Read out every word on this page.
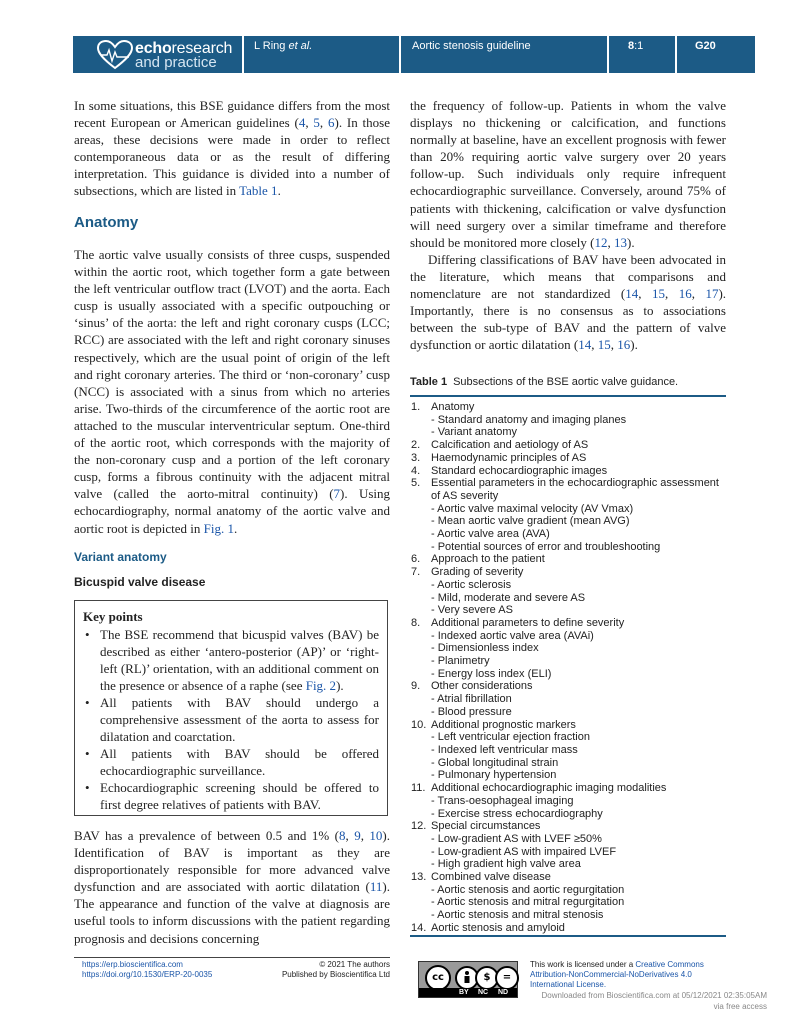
echoresearch
and practice
L Ring et al.	Aortic stenosis guideline	8:1	G20

In some situations, this BSE guidance differs from the most recent European or American guidelines (4, 5, 6). In those areas, these decisions were made in order to reflect contemporaneous data or as the result of differing interpretation. This guidance is divided into a number of subsections, which are listed in Table 1.

Anatomy

The aortic valve usually consists of three cusps, suspended within the aortic root, which together form a gate between the left ventricular outflow tract (LVOT) and the aorta. Each cusp is usually associated with a specific outpouching or ‘sinus’ of the aorta: the left and right coronary cusps (LCC; RCC) are associated with the left and right coronary sinuses respectively, which are the usual point of origin of the left and right coronary arteries. The third or ‘non-coronary’ cusp (NCC) is associated with a sinus from which no arteries arise. Two-thirds of the circumference of the aortic root are attached to the muscular interventricular septum. One-third of the aortic root, which corresponds with the majority of the non-coronary cusp and a portion of the left coronary cusp, forms a fibrous continuity with the adjacent mitral valve (called the aorto-mitral continuity) (7). Using echocardiography, normal anatomy of the aortic valve and aortic root is depicted in Fig. 1.

Variant anatomy
Bicuspid valve disease
Key points
• The BSE recommend that bicuspid valves (BAV) be described as either ‘antero-posterior (AP)’ or ‘right-left (RL)’ orientation, with an additional comment on the presence or absence of a raphe (see Fig. 2).
• All patients with BAV should undergo a comprehensive assessment of the aorta to assess for dilatation and coarctation.
• All patients with BAV should be offered echocardiographic surveillance.
• Echocardiographic screening should be offered to first degree relatives of patients with BAV.

BAV has a prevalence of between 0.5 and 1% (8, 9, 10). Identification of BAV is important as they are disproportionately responsible for more advanced valve dysfunction and are associated with aortic dilatation (11). The appearance and function of the valve at diagnosis are useful tools to inform discussions with the patient regarding prognosis and decisions concerning

the frequency of follow-up. Patients in whom the valve displays no thickening or calcification, and functions normally at baseline, have an excellent prognosis with fewer than 20% requiring aortic valve surgery over 20 years follow-up. Such individuals only require infrequent echocardiographic surveillance. Conversely, around 75% of patients with thickening, calcification or valve dysfunction will need surgery over a similar timeframe and therefore should be monitored more closely (12, 13).

Differing classifications of BAV have been advocated in the literature, which means that comparisons and nomenclature are not standardized (14, 15, 16, 17). Importantly, there is no consensus as to associations between the sub-type of BAV and the pattern of valve dysfunction or aortic dilatation (14, 15, 16).

Table 1 Subsections of the BSE aortic valve guidance.
1. Anatomy
- Standard anatomy and imaging planes
- Variant anatomy
2. Calcification and aetiology of AS
3. Haemodynamic principles of AS
4. Standard echocardiographic images
5. Essential parameters in the echocardiographic assessment of AS severity
- Aortic valve maximal velocity (AV Vmax)
- Mean aortic valve gradient (mean AVG)
- Aortic valve area (AVA)
- Potential sources of error and troubleshooting
6. Approach to the patient
7. Grading of severity
- Aortic sclerosis
- Mild, moderate and severe AS
- Very severe AS
8. Additional parameters to define severity
- Indexed aortic valve area (AVAi)
- Dimensionless index
- Planimetry
- Energy loss index (ELI)
9. Other considerations
- Atrial fibrillation
- Blood pressure
10. Additional prognostic markers
- Left ventricular ejection fraction
- Indexed left ventricular mass
- Global longitudinal strain
- Pulmonary hypertension
11. Additional echocardiographic imaging modalities
- Trans-oesophageal imaging
- Exercise stress echocardiography
12. Special circumstances
- Low-gradient AS with LVEF ≥50%
- Low-gradient AS with impaired LVEF
- High gradient high valve area
13. Combined valve disease
- Aortic stenosis and aortic regurgitation
- Aortic stenosis and mitral regurgitation
- Aortic stenosis and mitral stenosis
14. Aortic stenosis and amyloid
https://erp.bioscientifica.com
https://doi.org/10.1530/ERP-20-0035
© 2021 The authors
Published by Bioscientifica Ltd	cc	$	=
BY NC ND
This work is licensed under a Creative Commons Attribution-NonCommercial-NoDerivatives 4.0 International License.
Downloaded from Bioscientifica.com at 05/12/2021 02:35:05AM
via free access
